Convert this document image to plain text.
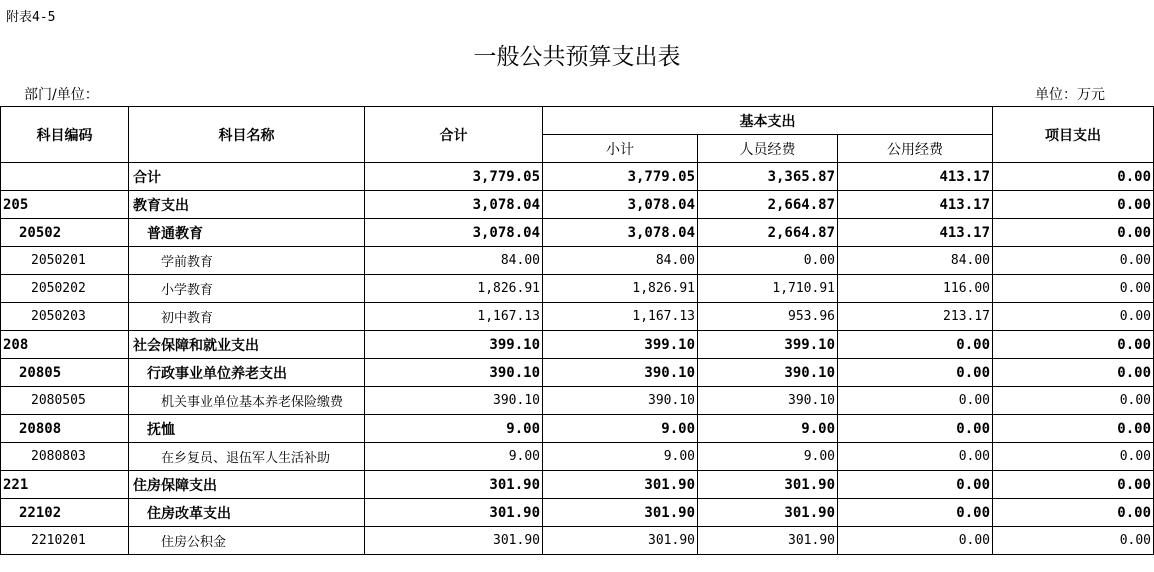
附表4-5
一般公共预算支出表
部门/单位：	单位：万元
科目编码	科目名称	合计	基本支出			项目支出
			小计	人员经费	公用经费	
	合计	3,779.05	3,779.05	3,365.87	413.17	0.00
205	教育支出	3,078.04	3,078.04	2,664.87	413.17	0.00
20502	普通教育	3,078.04	3,078.04	2,664.87	413.17	0.00
2050201	学前教育	84.00	84.00	0.00	84.00	0.00
2050202	小学教育	1,826.91	1,826.91	1,710.91	116.00	0.00
2050203	初中教育	1,167.13	1,167.13	953.96	213.17	0.00
208	社会保障和就业支出	399.10	399.10	399.10	0.00	0.00
20805	行政事业单位养老支出	390.10	390.10	390.10	0.00	0.00
2080505	机关事业单位基本养老保险缴费	390.10	390.10	390.10	0.00	0.00
20808	抚恤	9.00	9.00	9.00	0.00	0.00
2080803	在乡复员、退伍军人生活补助	9.00	9.00	9.00	0.00	0.00
221	住房保障支出	301.90	301.90	301.90	0.00	0.00
22102	住房改革支出	301.90	301.90	301.90	0.00	0.00
2210201	住房公积金	301.90	301.90	301.90	0.00	0.00
